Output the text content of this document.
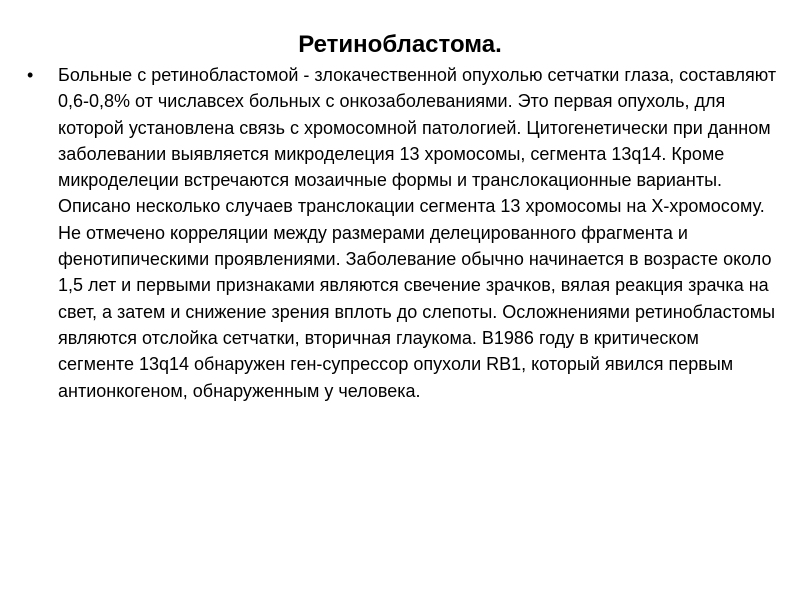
Ретинобластома.
•	Больные с ретинобластомой - злокачественной опухолью сетчатки глаза, составляют 0,6-0,8% от числавсех больных с онкозаболеваниями. Это первая опухоль, для которой установлена связь с хромосомной патологией. Цитогенетически при данном заболевании выявляется микроделеция 13 хромосомы, сегмента 13q14. Кроме микроделеции встречаются мозаичные формы и транслокационные варианты. Описано несколько случаев транслокации сегмента 13 хромосомы на Х-хромосому. Не отмечено корреляции между размерами делецированного фрагмента и фенотипическими проявлениями. Заболевание обычно начинается в возрасте около 1,5 лет и первыми признаками являются свечение зрачков, вялая реакция зрачка на свет, а затем и снижение зрения вплоть до слепоты. Осложнениями ретинобластомы являются отслойка сетчатки, вторичная глаукома. В1986 году в критическом сегменте 13q14 обнаружен ген-супрессор опухоли RB1, который явился первым антионкогеном, обнаруженным у человека.
